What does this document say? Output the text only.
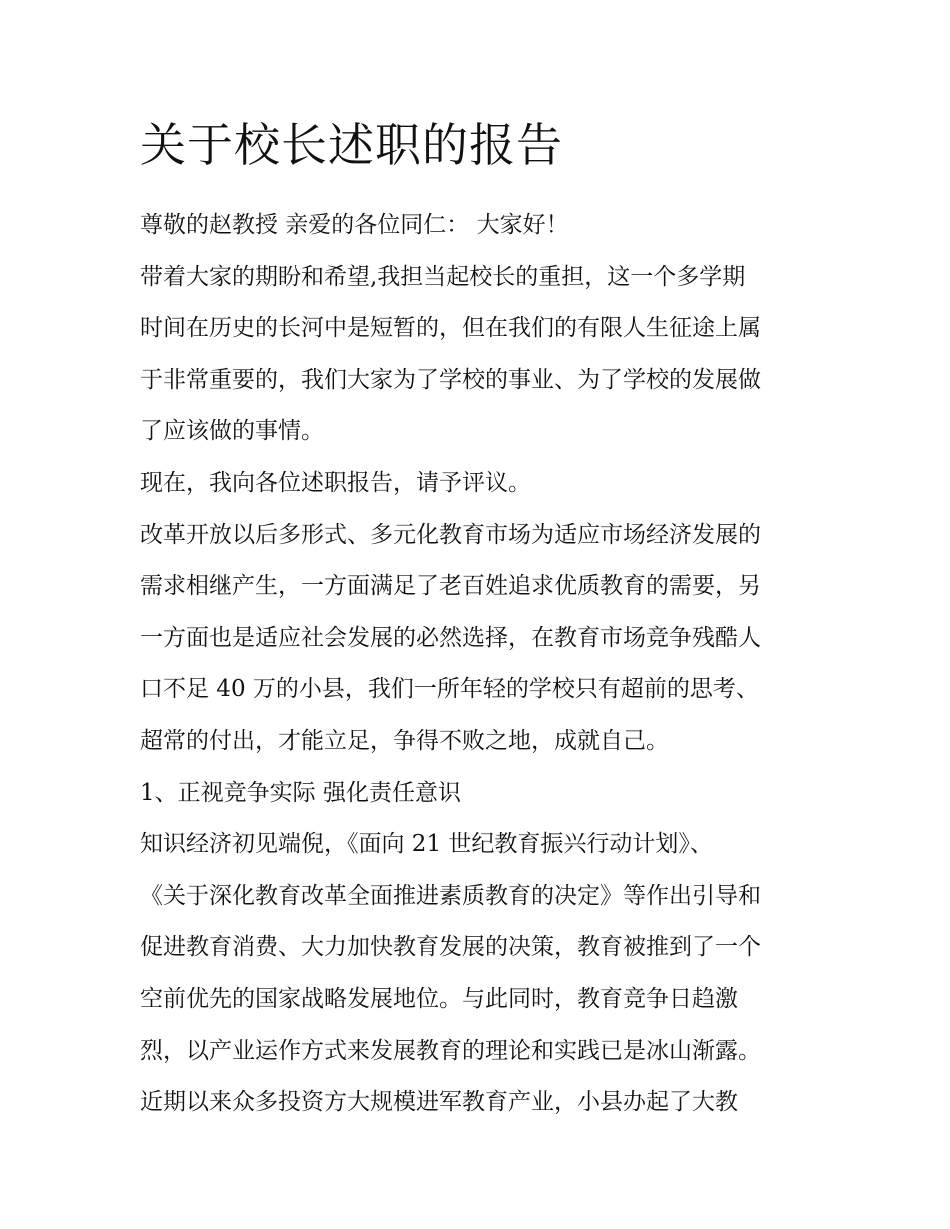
关于校长述职的报告

尊敬的赵教授 亲爱的各位同仁： 大家好！

带着大家的期盼和希望,我担当起校长的重担，这一个多学期

时间在历史的长河中是短暂的，但在我们的有限人生征途上属

于非常重要的，我们大家为了学校的事业、为了学校的发展做

了应该做的事情。

现在，我向各位述职报告，请予评议。

改革开放以后多形式、多元化教育市场为适应市场经济发展的

需求相继产生，一方面满足了老百姓追求优质教育的需要，另

一方面也是适应社会发展的必然选择，在教育市场竞争残酷人

口不足 40 万的小县，我们一所年轻的学校只有超前的思考、

超常的付出，才能立足，争得不败之地，成就自己。

1、正视竞争实际 强化责任意识

知识经济初见端倪，《面向 21 世纪教育振兴行动计划》、

《关于深化教育改革全面推进素质教育的决定》等作出引导和

促进教育消费、大力加快教育发展的决策，教育被推到了一个

空前优先的国家战略发展地位。与此同时，教育竞争日趋激

烈，以产业运作方式来发展教育的理论和实践已是冰山渐露。

近期以来众多投资方大规模进军教育产业，小县办起了大教
